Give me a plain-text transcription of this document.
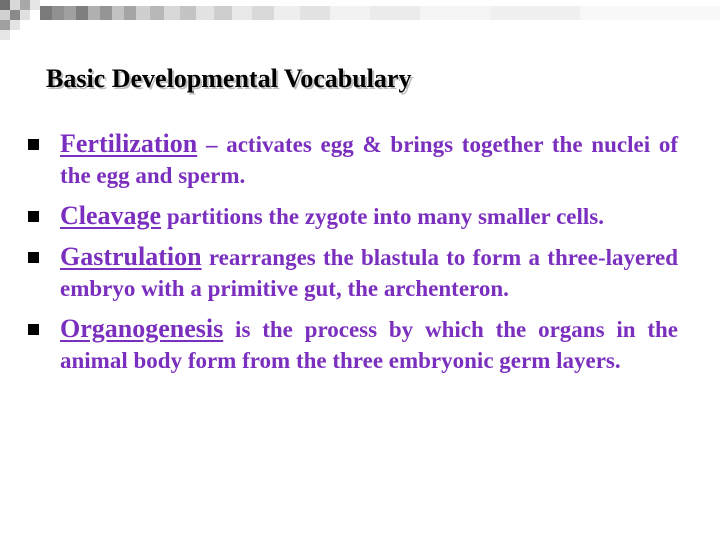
Basic Developmental Vocabulary
Fertilization – activates egg & brings together the nuclei of the egg and sperm.
Cleavage partitions the zygote into many smaller cells.
Gastrulation rearranges the blastula to form a three-layered embryo with a primitive gut, the archenteron.
Organogenesis is the process by which the organs in the animal body form from the three embryonic germ layers.
